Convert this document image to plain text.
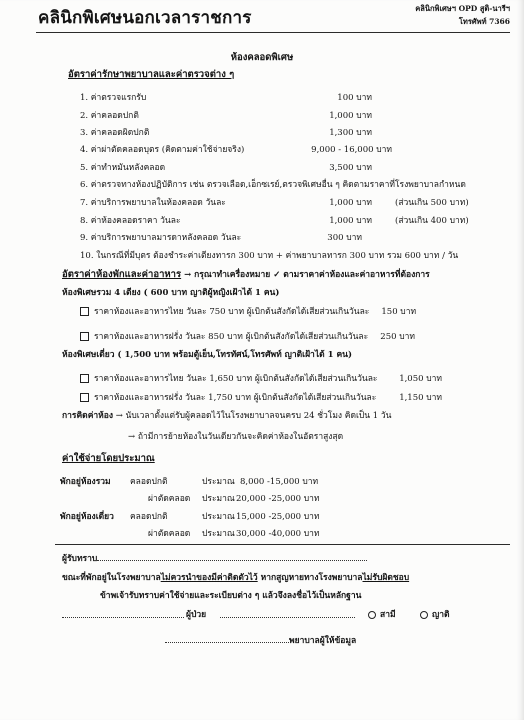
คลินิกพิเศษนอกเวลาราชการ	คลินิกพิเศษฯ OPD สูติ-นารีฯ
โทรศัพท์ 7366
ห้องคลอดพิเศษ
อัตราค่ารักษาพยาบาลและค่าตรวจต่าง ๆ
1. ค่าตรวจแรกรับ	100 บาท
2. ค่าคลอดปกติ	1,000 บาท
3. ค่าคลอดผิดปกติ	1,300 บาท
4. ค่าผ่าตัดคลอดบุตร (คิดตามค่าใช้จ่ายจริง)	9,000 - 16,000 บาท
5. ค่าทำหมันหลังคลอด	3,500 บาท
6. ค่าตรวจทางห้องปฏิบัติการ เช่น ตรวจเลือด,เอ็กซเรย์,ตรวจพิเศษอื่น ๆ คิดตามราคาที่โรงพยาบาลกำหนด
7. ค่าบริการพยาบาลในห้องคลอด วันละ	1,000 บาท	(ส่วนเกิน 500 บาท)
8. ค่าห้องคลอดราคา วันละ	1,000 บาท	(ส่วนเกิน 400 บาท)
9. ค่าบริการพยาบาลมารดาหลังคลอด วันละ	300 บาท
10. ในกรณีที่มีบุตร ต้องชำระค่าเตียงทารก 300 บาท + ค่าพยาบาลทารก 300 บาท รวม 600 บาท / วัน
อัตราค่าห้องพักและค่าอาหาร → กรุณาทำเครื่องหมาย ✓ ตามราคาค่าห้องและค่าอาหารที่ต้องการ
ห้องพิเศษรวม 4 เตียง ( 600 บาท ญาติผู้หญิงเฝ้าได้ 1 คน)
ราคาห้องและอาหารไทย วันละ 750 บาท ผู้เบิกต้นสังกัดได้เสียส่วนเกินวันละ 150 บาท
ราคาห้องและอาหารฝรั่ง วันละ 850 บาท ผู้เบิกต้นสังกัดได้เสียส่วนเกินวันละ 250 บาท
ห้องพิเศษเดี่ยว ( 1,500 บาท พร้อมตู้เย็น,โทรทัศน์,โทรศัพท์ ญาติเฝ้าได้ 1 คน)
ราคาห้องและอาหารไทย วันละ 1,650 บาท ผู้เบิกต้นสังกัดได้เสียส่วนเกินวันละ	1,050 บาท
ราคาห้องและอาหารฝรั่ง วันละ 1,750 บาท ผู้เบิกต้นสังกัดได้เสียส่วนเกินวันละ	1,150 บาท
การคิดค่าห้อง → นับเวลาตั้งแต่รับผู้คลอดไว้ในโรงพยาบาลจนครบ 24 ชั่วโมง คิดเป็น 1 วัน
→ ถ้ามีการย้ายห้องในวันเดียวกันจะคิดค่าห้องในอัตราสูงสุด
ค่าใช้จ่ายโดยประมาณ
พักอยู่ห้องรวม คลอดปกติ	ประมาณ 8,000 -15,000 บาท
ผ่าตัดคลอด ประมาณ 20,000 -25,000 บาท
พักอยู่ห้องเดี่ยว คลอดปกติ	ประมาณ 15,000 -25,000 บาท
ผ่าตัดคลอด ประมาณ 30,000 -40,000 บาท
ผู้รับทราบ
ขณะที่พักอยู่ในโรงพยาบาลไม่ควรนำของมีค่าติดตัวไว้ หากสูญหายทางโรงพยาบาลไม่รับผิดชอบ
ข้าพเจ้ารับทราบค่าใช้จ่ายและระเบียบต่าง ๆ แล้วจึงลงชื่อไว้เป็นหลักฐาน
ผู้ป่วย	สามี	ญาติ
พยาบาลผู้ให้ข้อมูล
